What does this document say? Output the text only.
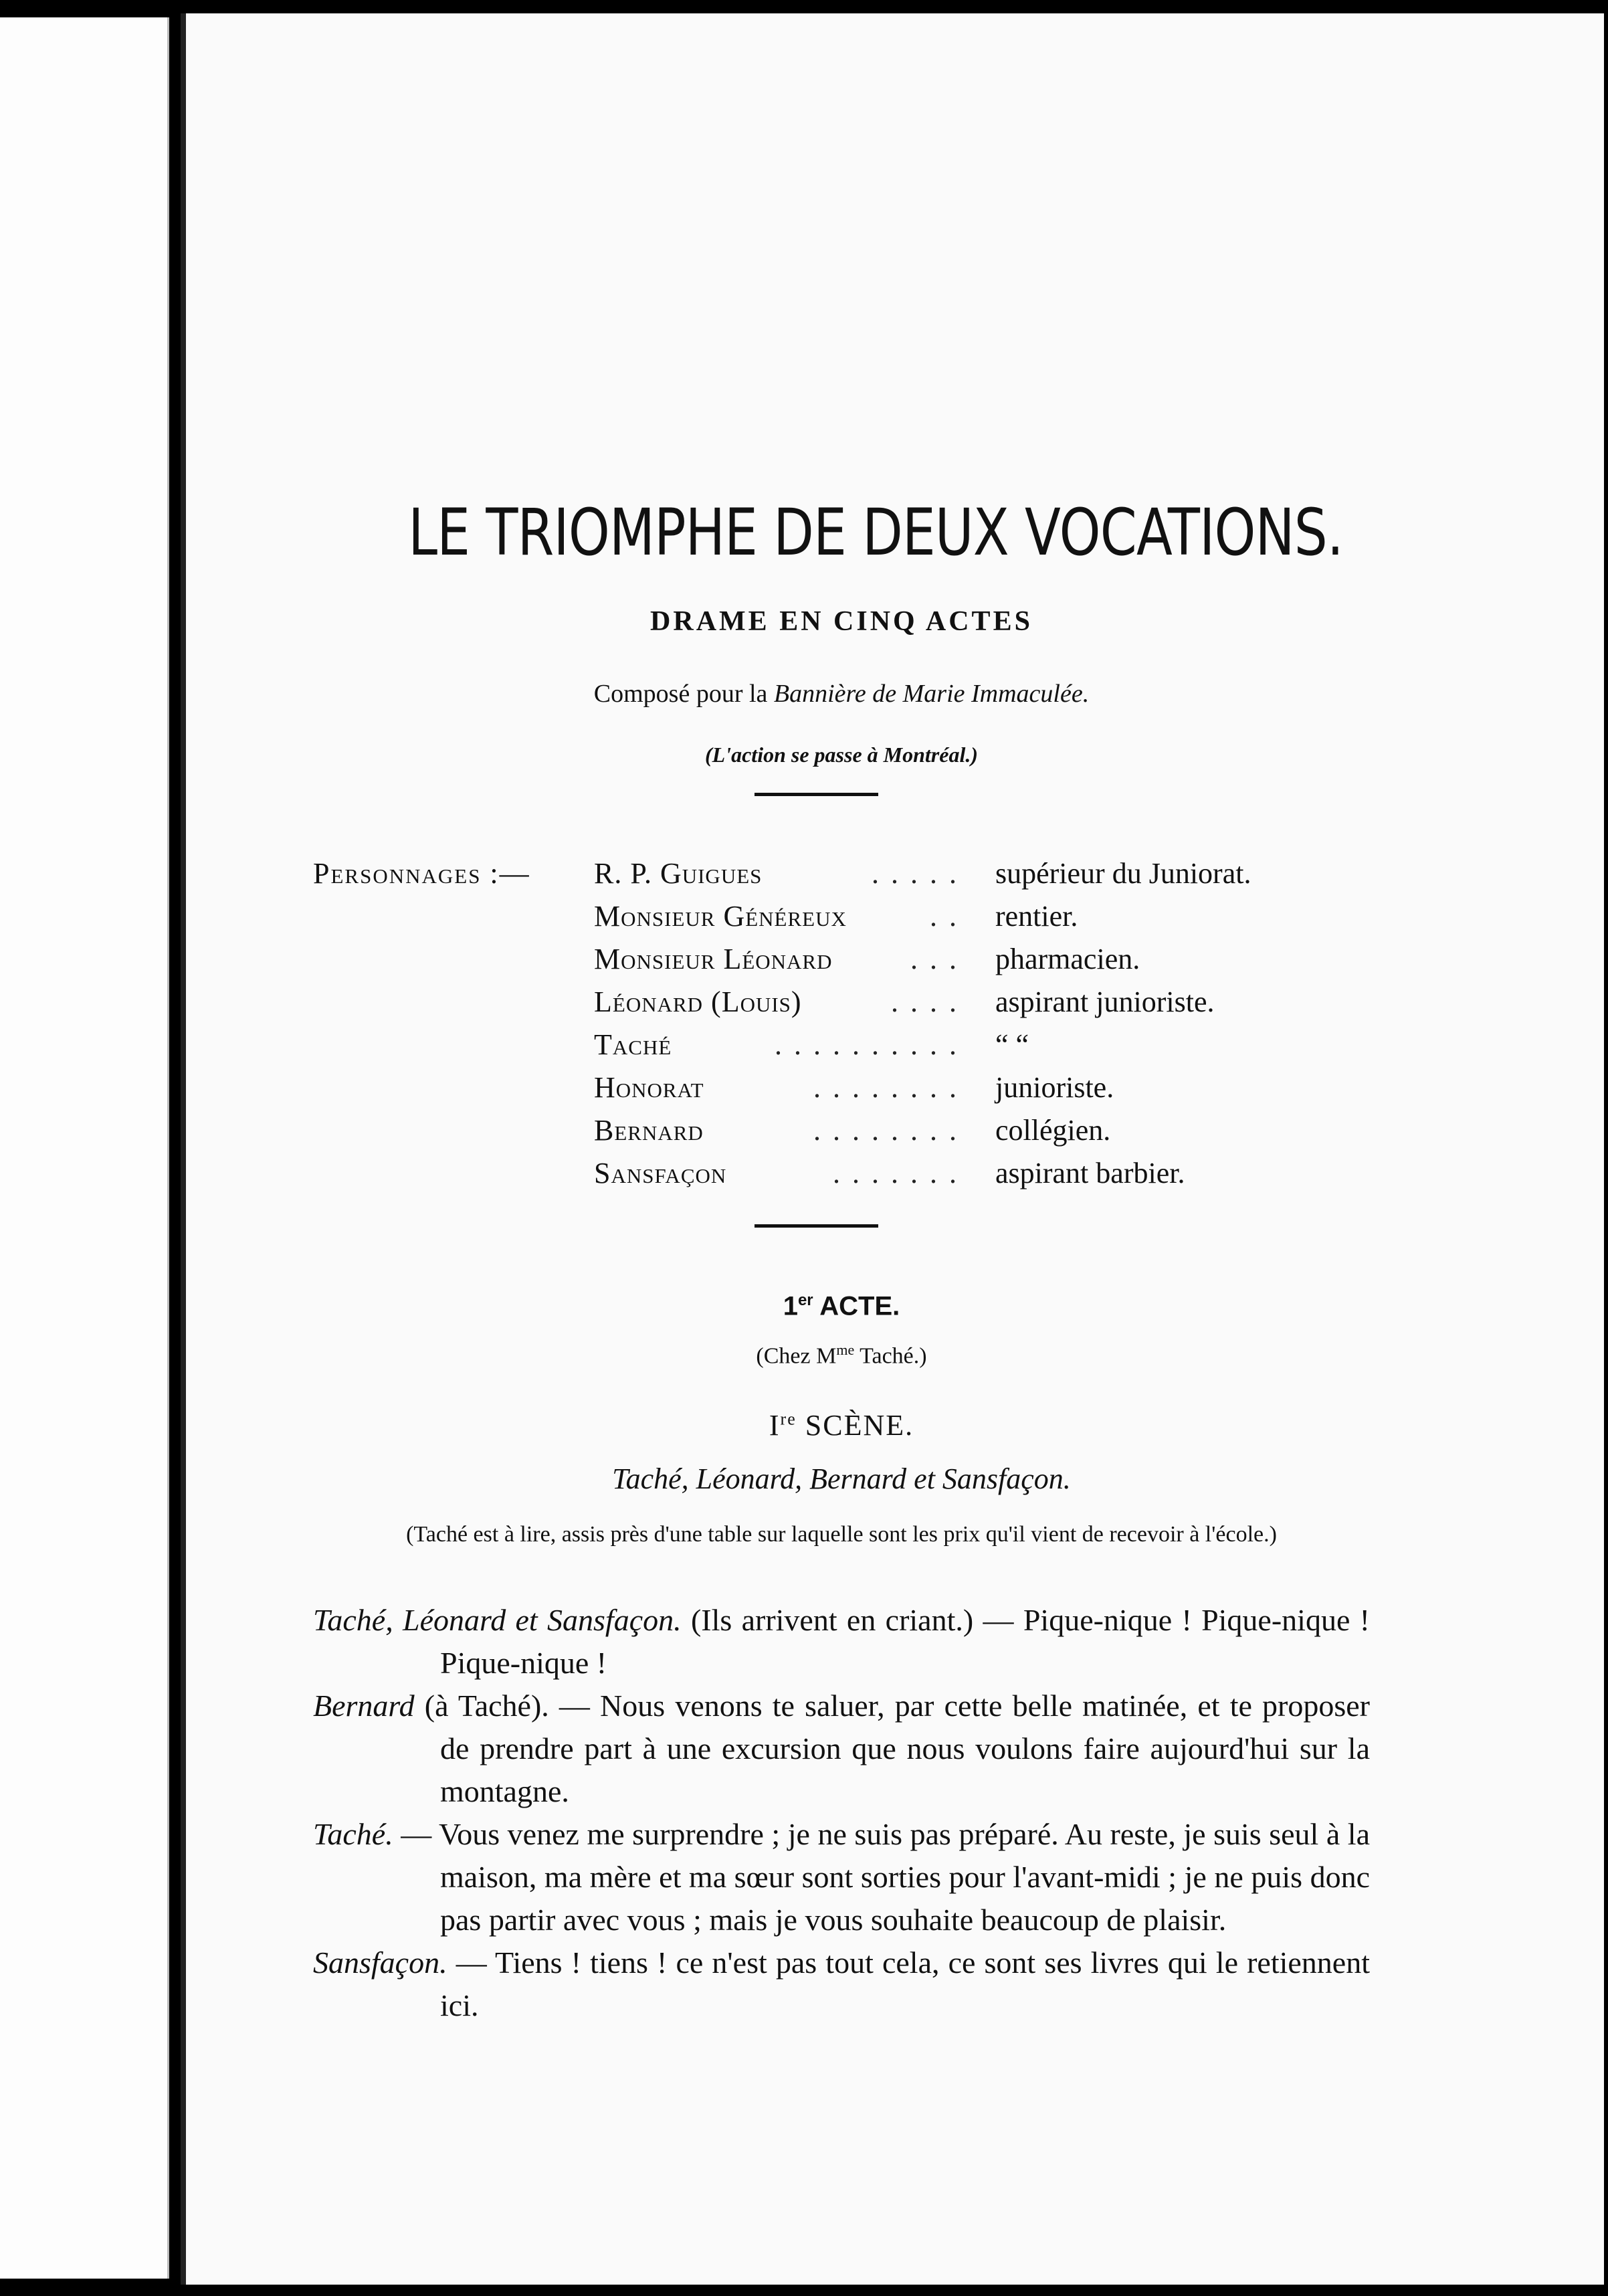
LE TRIOMPHE DE DEUX VOCATIONS.
DRAME EN CINQ ACTES
Composé pour la Bannière de Marie Immaculée.
(L'action se passe à Montréal.)
Personnages :— R. P. Guigues	..... supérieur du Juniorat.
Monsieur Généreux	.. rentier.
Monsieur Léonard	... pharmacien.
Léonard (Louis)	.... aspirant junioriste.
Taché	.......... “ “
Honorat	........ junioriste.
Bernard	........ collégien.
Sansfaçon	....... aspirant barbier.
1er ACTE.
(Chez $M^{me}$ Taché.)
Ire SCÈNE.
Taché, Léonard, Bernard et Sansfaçon.
(Taché est à lire, assis près d'une table sur laquelle sont les prix qu'il vient de recevoir à l'école.)
Taché, Léonard et Sansfaçon. (Ils arrivent en criant.) — Pique-nique ! Pique-nique ! Pique-nique !
Bernard (à Taché). — Nous venons te saluer, par cette belle matinée, et te proposer de prendre part à une excursion que nous voulons faire aujourd'hui sur la montagne.
Taché. — Vous venez me surprendre ; je ne suis pas préparé. Au reste, je suis seul à la maison, ma mère et ma sœur sont sorties pour l'avant-midi ; je ne puis donc pas partir avec vous ; mais je vous souhaite beaucoup de plaisir.
Sansfaçon. — Tiens ! tiens ! ce n'est pas tout cela, ce sont ses livres qui le retiennent ici.
